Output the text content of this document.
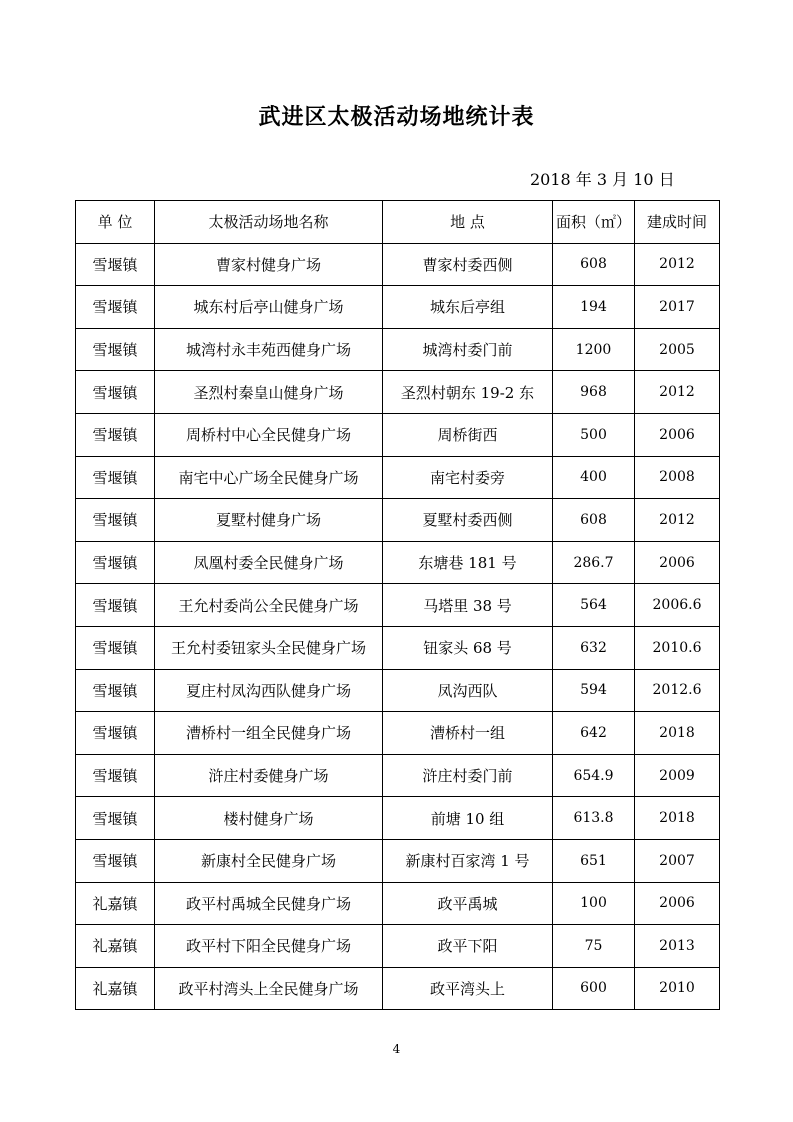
武进区太极活动场地统计表
2018 年 3 月 10 日
单 位	太极活动场地名称	地 点	面积（㎡）	建成时间
雪堰镇	曹家村健身广场	曹家村委西侧	608	2012
雪堰镇	城东村后亭山健身广场	城东后亭组	194	2017
雪堰镇	城湾村永丰苑西健身广场	城湾村委门前	1200	2005
雪堰镇	圣烈村秦皇山健身广场	圣烈村朝东 19-2 东	968	2012
雪堰镇	周桥村中心全民健身广场	周桥街西	500	2006
雪堰镇	南宅中心广场全民健身广场	南宅村委旁	400	2008
雪堰镇	夏墅村健身广场	夏墅村委西侧	608	2012
雪堰镇	凤凰村委全民健身广场	东塘巷 181 号	286.7	2006
雪堰镇	王允村委尚公全民健身广场	马塔里 38 号	564	2006.6
雪堰镇	王允村委钮家头全民健身广场	钮家头 68 号	632	2010.6
雪堰镇	夏庄村凤沟西队健身广场	凤沟西队	594	2012.6
雪堰镇	漕桥村一组全民健身广场	漕桥村一组	642	2018
雪堰镇	浒庄村委健身广场	浒庄村委门前	654.9	2009
雪堰镇	楼村健身广场	前塘 10 组	613.8	2018
雪堰镇	新康村全民健身广场	新康村百家湾 1 号	651	2007
礼嘉镇	政平村禹城全民健身广场	政平禹城	100	2006
礼嘉镇	政平村下阳全民健身广场	政平下阳	75	2013
礼嘉镇	政平村湾头上全民健身广场	政平湾头上	600	2010
4
